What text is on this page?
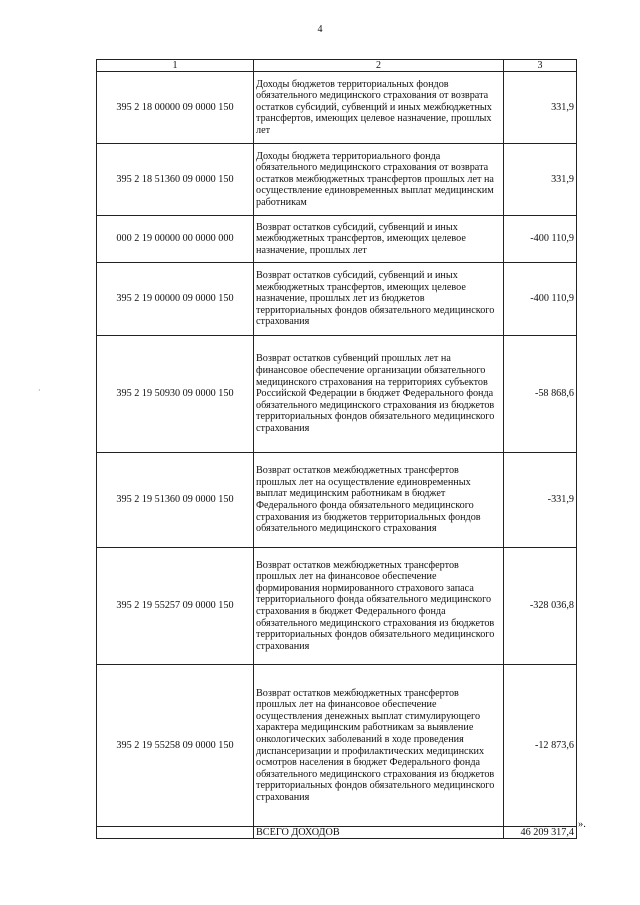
4
·
1	2	3
395 2 18 00000 09 0000 150	Доходы бюджетов территориальных фондов обязательного медицинского страхования от возврата остатков субсидий, субвенций и иных межбюджетных трансфертов, имеющих целевое назначение, прошлых лет	331,9
395 2 18 51360 09 0000 150	Доходы бюджета территориального фонда обязательного медицинского страхования от возврата остатков межбюджетных трансфертов прошлых лет на осуществление единовременных выплат медицинским работникам	331,9
000 2 19 00000 00 0000 000	Возврат остатков субсидий, субвенций и иных межбюджетных трансфертов, имеющих целевое назначение, прошлых лет	-400 110,9
395 2 19 00000 09 0000 150	Возврат остатков субсидий, субвенций и иных межбюджетных трансфертов, имеющих целевое назначение, прошлых лет из бюджетов территориальных фондов обязательного медицинского страхования	-400 110,9
395 2 19 50930 09 0000 150	Возврат остатков субвенций прошлых лет на финансовое обеспечение организации обязательного медицинского страхования на территориях субъектов Российской Федерации в бюджет Федерального фонда обязательного медицинского страхования из бюджетов территориальных фондов обязательного медицинского страхования	-58 868,6
395 2 19 51360 09 0000 150	Возврат остатков межбюджетных трансфертов прошлых лет на осуществление единовременных выплат медицинским работникам в бюджет Федерального фонда обязательного медицинского страхования из бюджетов территориальных фондов обязательного медицинского страхования	-331,9
395 2 19 55257 09 0000 150	Возврат остатков межбюджетных трансфертов прошлых лет на финансовое обеспечение формирования нормированного страхового запаса территориального фонда обязательного медицинского страхования в бюджет Федерального фонда обязательного медицинского страхования из бюджетов территориальных фондов обязательного медицинского страхования	-328 036,8
395 2 19 55258 09 0000 150	Возврат остатков межбюджетных трансфертов прошлых лет на финансовое обеспечение осуществления денежных выплат стимулирующего характера медицинским работникам за выявление онкологических заболеваний в ходе проведения диспансеризации и профилактических медицинских осмотров населения в бюджет Федерального фонда обязательного медицинского страхования из бюджетов территориальных фондов обязательного медицинского страхования	-12 873,6
	ВСЕГО ДОХОДОВ	46 209 317,4
».
